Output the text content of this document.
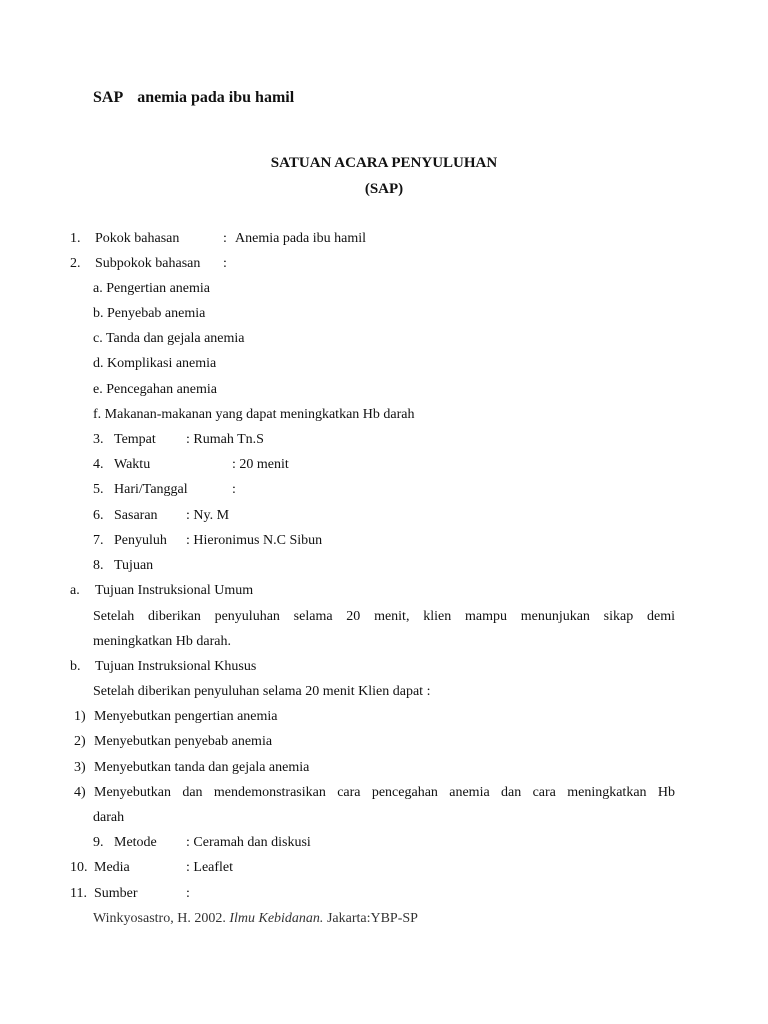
SAP anemia pada ibu hamil
SATUAN ACARA PENYULUHAN
(SAP)
1. Pokok bahasan	: Anemia pada ibu hamil
2. Subpokok bahasan :
a. Pengertian anemia
b. Penyebab anemia
c. Tanda dan gejala anemia
d. Komplikasi anemia
e. Pencegahan anemia
f. Makanan-makanan yang dapat meningkatkan Hb darah
3. Tempat : Rumah Tn.S
4. Waktu	: 20 menit
5. Hari/Tanggal	:
6. Sasaran : Ny. M
7. Penyuluh : Hieronimus N.C Sibun
8. Tujuan
a. Tujuan Instruksional Umum
Setelah diberikan penyuluhan selama 20 menit, klien mampu menunjukan sikap demi
meningkatkan Hb darah.
b. Tujuan Instruksional Khusus
Setelah diberikan penyuluhan selama 20 menit Klien dapat :
1) Menyebutkan pengertian anemia
2) Menyebutkan penyebab anemia
3) Menyebutkan tanda dan gejala anemia
4) Menyebutkan dan mendemonstrasikan cara pencegahan anemia dan cara meningkatkan Hb
darah
9. Metode : Ceramah dan diskusi
10. Media	: Leaflet
11. Sumber	:
Winkyosastro, H. 2002. Ilmu Kebidanan. Jakarta:YBP-SP
